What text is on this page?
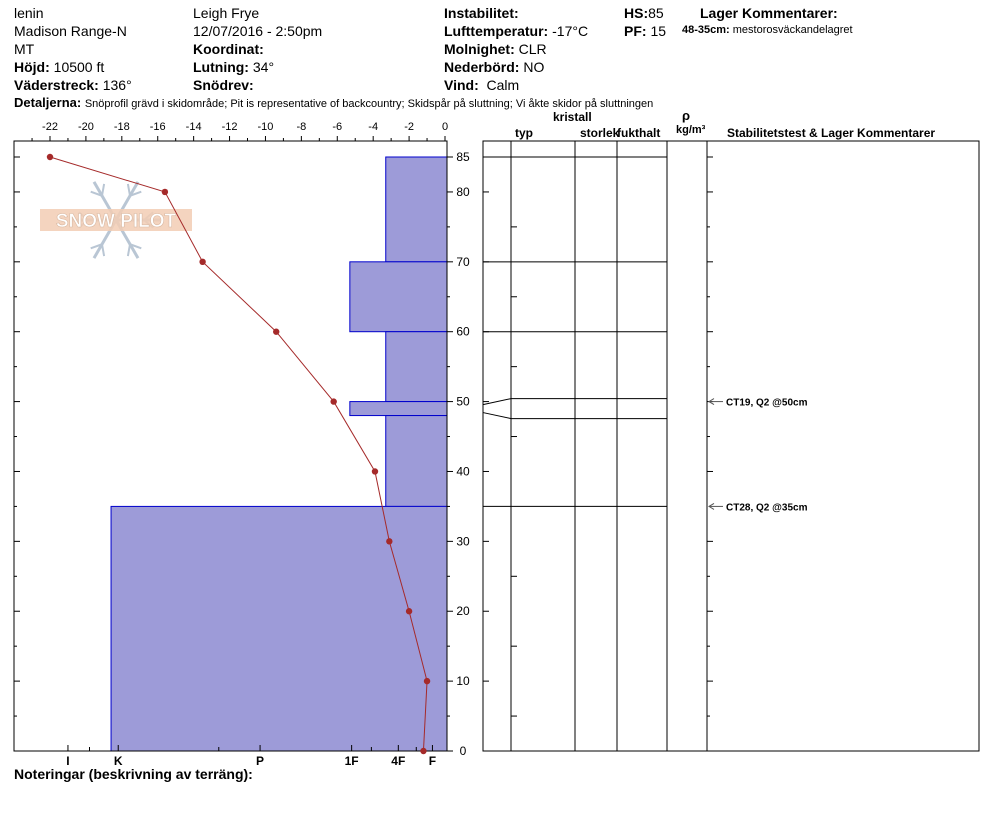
lenin
Madison Range-N
MT
Höjd: 10500 ft
Väderstreck: 136°
Leigh Frye
12/07/2016 - 2:50pm
Koordinat:
Lutning: 34°
Snödrev:
Instabilitet:
Lufttemperatur: -17°C
Molnighet: CLR
Nederbörd: NO
Vind: Calm
HS:85
PF: 15
Lager Kommentarer:
48-35cm: mestorosväckandelagret
Detaljerna: Snöprofil grävd i skidområde; Pit is representative of backcountry; Skidspår på sluttning; Vi åkte skidor på sluttningen
Noteringar (beskrivning av terräng):
typ
kristall
storlek
fukthalt
ρ
kg/m³ Stabilitetstest & Lager Kommentarer
SNOW PILOT
-22 -20 -18 -16 -14 -12 -10 -8 -6 -4 -2	0
0
10
20
30
40
50
60
70
80
85
CT19, Q2 @50cm
CT28, Q2 @35cm
I	K	P	1F	4F F
